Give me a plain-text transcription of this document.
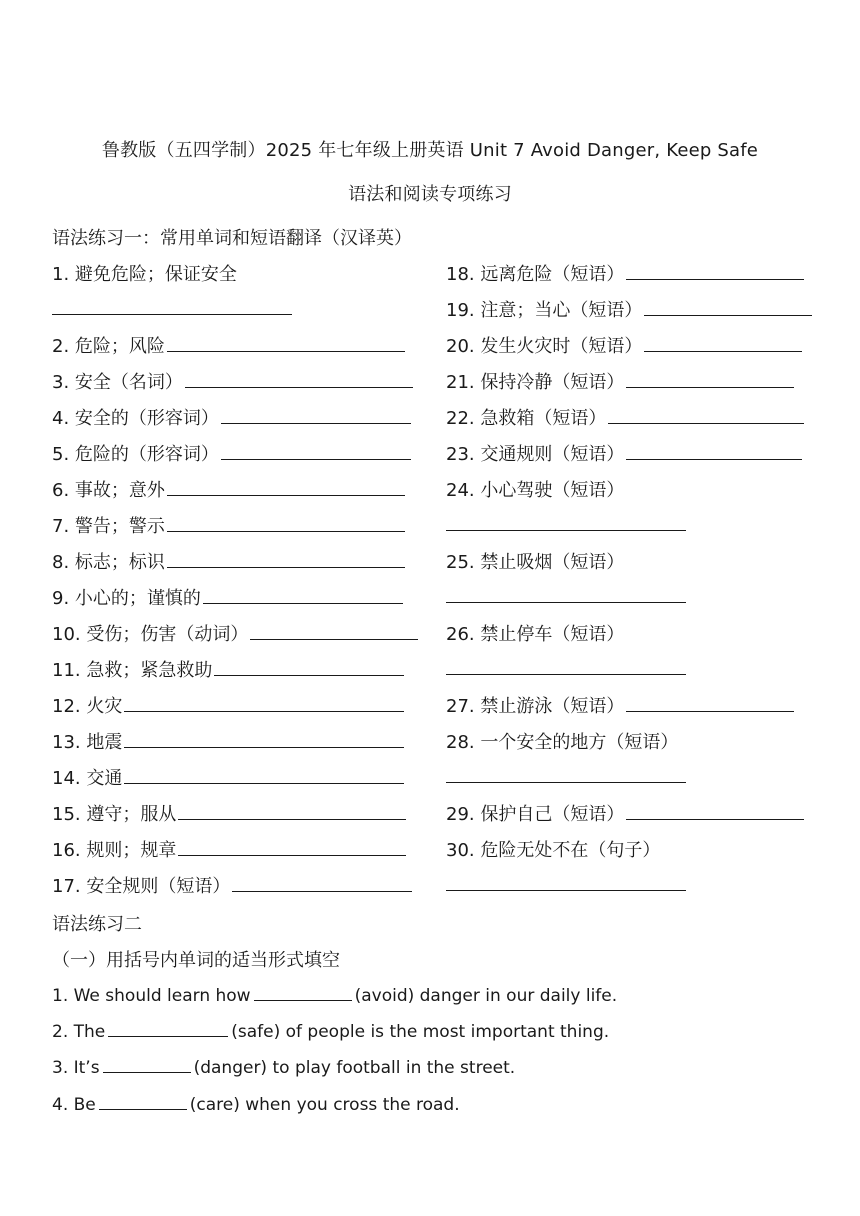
鲁教版（五四学制）2025 年七年级上册英语 Unit 7 Avoid Danger, Keep Safe
语法和阅读专项练习
语法练习一：常用单词和短语翻译（汉译英）
1. 避免危险；保证安全
2. 危险；风险
3. 安全（名词）
4. 安全的（形容词）
5. 危险的（形容词）
6. 事故；意外
7. 警告；警示
8. 标志；标识
9. 小心的；谨慎的
10. 受伤；伤害（动词）
11. 急救；紧急救助
12. 火灾
13. 地震
14. 交通
15. 遵守；服从
16. 规则；规章
17. 安全规则（短语）
18. 远离危险（短语）
19. 注意；当心（短语）
20. 发生火灾时（短语）
21. 保持冷静（短语）
22. 急救箱（短语）
23. 交通规则（短语）
24. 小心驾驶（短语）
25. 禁止吸烟（短语）
26. 禁止停车（短语）
27. 禁止游泳（短语）
28. 一个安全的地方（短语）
29. 保护自己（短语）
30. 危险无处不在（句子）
语法练习二
（一）用括号内单词的适当形式填空
1. We should learn how	(avoid) danger in our daily life.
2. The	(safe) of people is the most important thing.
3. It’s	(danger) to play football in the street.
4. Be	(care) when you cross the road.
